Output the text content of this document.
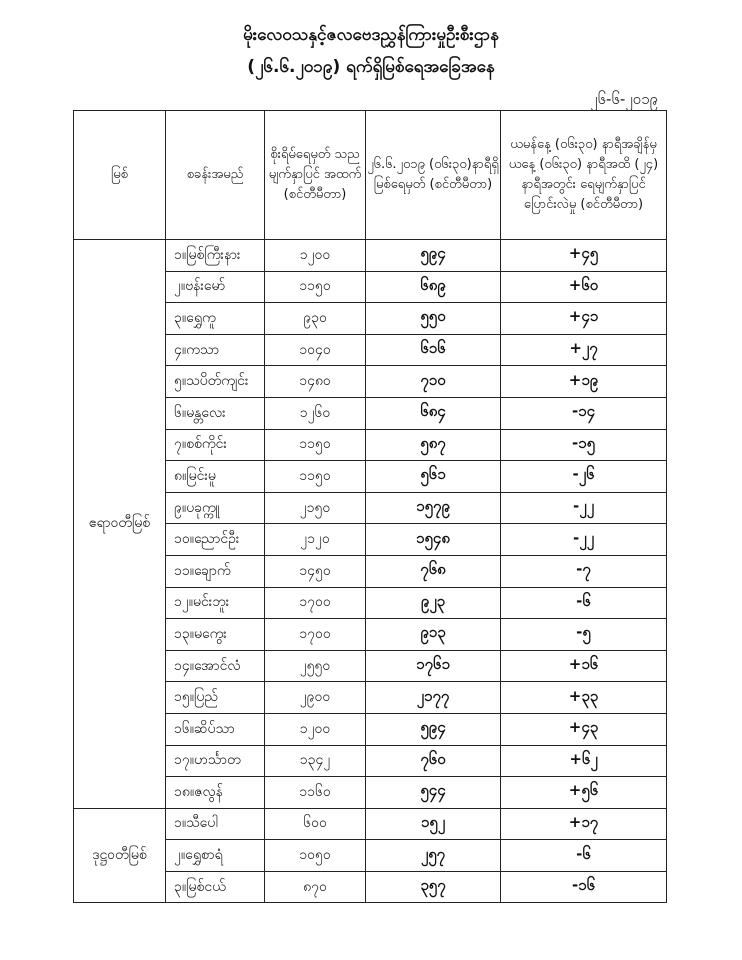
မိုးလေဝသနှင့်ဇလဗေဒညွှန်ကြားမှုဦးစီးဌာန
(၂၆.၆.၂၀၁၉) ရက်ရှိမြစ်ရေအခြေအနေ
၂၆-၆-၂၀၁၉
မြစ်	စခန်းအမည်	စိုးရိမ်ရေမှတ် သည မျက်နှာပြင် အထက် (စင်တီမီတာ)	၂၆.၆.၂၀၁၉ (၀၆း၃၀)နာရီရှိ မြစ်ရေမှတ် (စင်တီမီတာ)	ယမန်နေ့ (၀၆း၃၀) နာရီအချိန်မှ ယနေ့ (၀၆း၃၀) နာရီအထိ (၂၄) နာရီအတွင်း ရေမျက်နှာပြင်ပြောင်းလဲမှု (စင်တီမီတာ)
ဧရာဝတီမြစ်	၁။မြစ်ကြီးနား	၁၂၀၀	၅၉၄	+၄၅
	၂။ဗန်းမော်	၁၁၅၀	၆၈၉	+၆၀
	၃။ရွှေကူ	၉၃၀	၅၅၀	+၄၁
	၄။ကသာ	၁၀၄၀	၆၁၆	+၂၇
	၅။သပိတ်ကျင်း	၁၄၈၀	၇၁၀	+၁၉
	၆။မန္တလေး	၁၂၆၀	၆၈၄	-၁၄
	၇။စစ်ကိုင်း	၁၁၅၀	၅၈၇	-၁၅
	၈။မြင်းမူ	၁၁၅၀	၅၆၁	-၂၆
	၉။ပခုက္ကူ	၂၁၅၀	၁၅၇၉	-၂၂
	၁၀။ညောင်ဦး	၂၁၂၀	၁၅၄၈	-၂၂
	၁၁။ချောက်	၁၄၅၀	၇၆၈	-၇
	၁၂။မင်းဘူး	၁၇၀၀	၉၂၃	-၆
	၁၃။မကွေး	၁၇၀၀	၉၁၃	-၅
	၁၄။အောင်လံ	၂၅၅၀	၁၇၆၁	+၁၆
	၁၅။ပြည်	၂၉၀၀	၂၁၇၇	+၃၃
	၁၆။ဆိပ်သာ	၁၂၀၀	၅၉၄	+၄၃
	၁၇။ဟင်္သာတ	၁၃၄၂	၇၆၀	+၆၂
	၁၈။ဇလွန်	၁၁၆၀	၅၄၄	+၅၆
ဒုဋ္ဌဝတီမြစ်	၁။သီပေါ	၆၀၀	၁၅၂	+၁၇
	၂။ရွှေစာရံ	၁၀၅၀	၂၅၇	-၆
	၃။မြစ်ငယ်	၈၇၀	၃၅၇	-၁၆
